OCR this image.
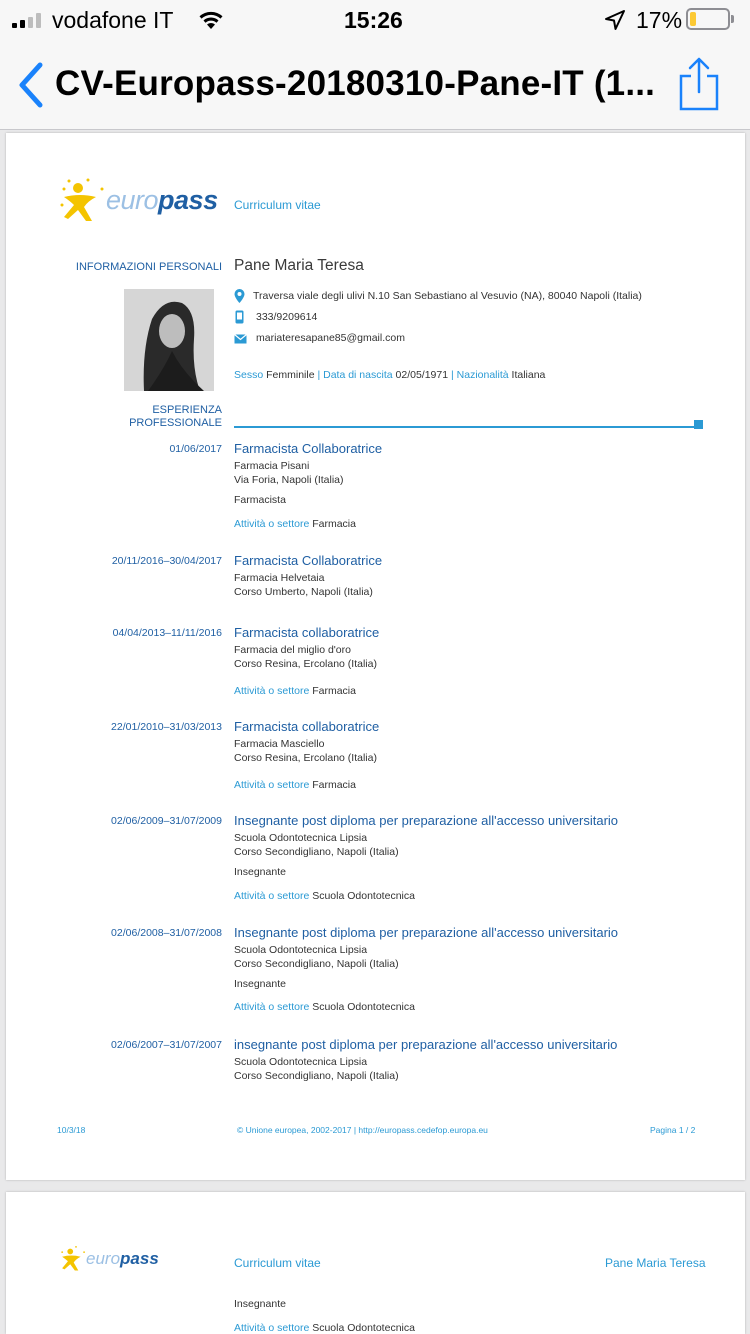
vodafone IT	15:26	17%
CV-Europass-20180310-Pane-IT (1...
europass Curriculum vitae
INFORMAZIONI PERSONALI Pane Maria Teresa
Traversa viale degli ulivi N.10 San Sebastiano al Vesuvio (NA), 80040 Napoli (Italia)
333/9209614
mariateresapane85@gmail.com
Sesso Femminile | Data di nascita 02/05/1971 | Nazionalità Italiana
ESPERIENZA
PROFESSIONALE
01/06/2017 Farmacista Collaboratrice
Farmacia Pisani
Via Foria, Napoli (Italia)
Farmacista
Attività o settore Farmacia
20/11/2016–30/04/2017 Farmacista Collaboratrice
Farmacia Helvetaia
Corso Umberto, Napoli (Italia)
04/04/2013–11/11/2016 Farmacista collaboratrice
Farmacia del miglio d'oro
Corso Resina, Ercolano (Italia)
Attività o settore Farmacia
22/01/2010–31/03/2013 Farmacista collaboratrice
Farmacia Masciello
Corso Resina, Ercolano (Italia)
Attività o settore Farmacia
02/06/2009–31/07/2009 Insegnante post diploma per preparazione all'accesso universitario
Scuola Odontotecnica Lipsia
Corso Secondigliano, Napoli (Italia)
Insegnante
Attività o settore Scuola Odontotecnica
02/06/2008–31/07/2008 Insegnante post diploma per preparazione all'accesso universitario
Scuola Odontotecnica Lipsia
Corso Secondigliano, Napoli (Italia)
Insegnante
Attività o settore Scuola Odontotecnica
02/06/2007–31/07/2007 insegnante post diploma per preparazione all'accesso universitario
Scuola Odontotecnica Lipsia
Corso Secondigliano, Napoli (Italia)
10/3/18	© Unione europea, 2002-2017 | http://europass.cedefop.europa.eu	Pagina 1 / 2
europass	Curriculum vitae	Pane Maria Teresa
Insegnante
Attività o settore Scuola Odontotecnica
